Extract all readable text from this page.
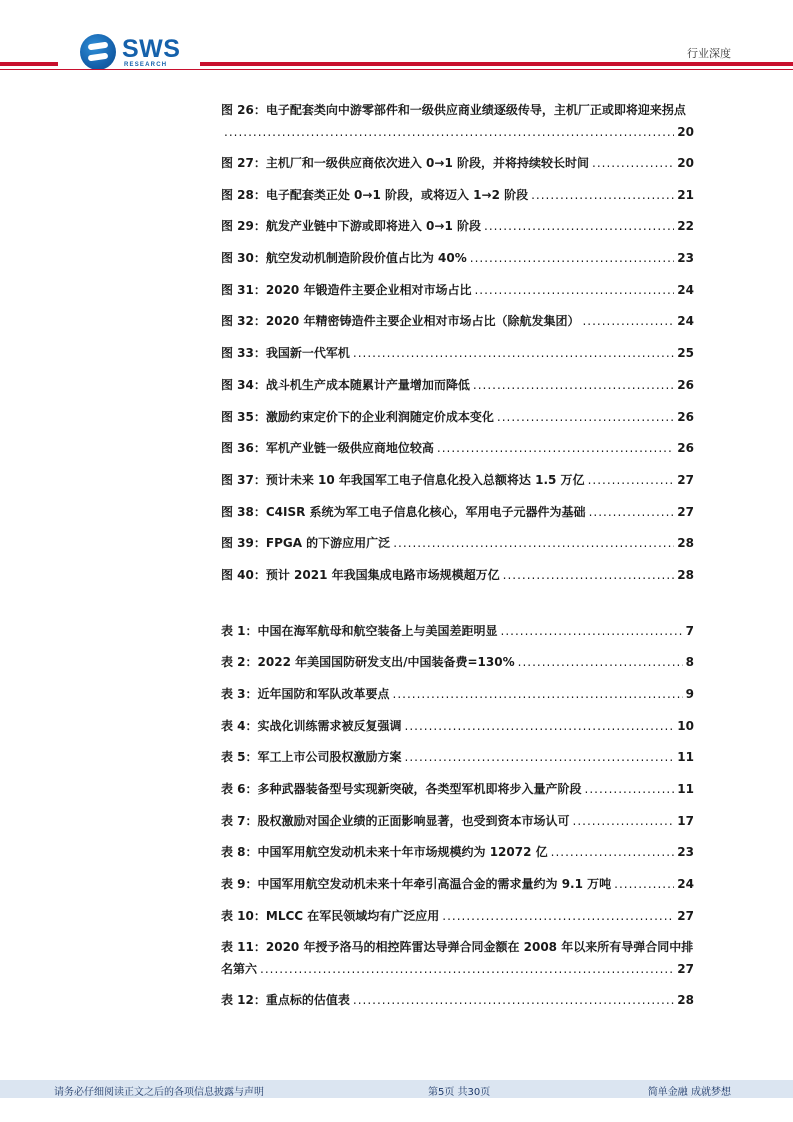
SWS
RESEARCH
行业深度
图 26：电子配套类向中游零部件和一级供应商业绩逐级传导，主机厂正或即将迎来拐点
.....
20
图 27：主机厂和一级供应商依次进入 0→1 阶段，并将持续较长时间 .....	20
图 28：电子配套类正处 0→1 阶段，或将迈入 1→2 阶段 .....	21
图 29：航发产业链中下游或即将进入 0→1 阶段 .....	22
图 30：航空发动机制造阶段价值占比为 40% .....	23
图 31：2020 年锻造件主要企业相对市场占比 .....	24
图 32：2020 年精密铸造件主要企业相对市场占比（除航发集团） .....	24
图 33：我国新一代军机 .....	25
图 34：战斗机生产成本随累计产量增加而降低 .....	26
图 35：激励约束定价下的企业利润随定价成本变化 .....	26
图 36：军机产业链一级供应商地位较高 .....	26
图 37：预计未来 10 年我国军工电子信息化投入总额将达 1.5 万亿 .....	27
图 38：C4ISR 系统为军工电子信息化核心，军用电子元器件为基础 .....	27
图 39：FPGA 的下游应用广泛 .....	28
图 40：预计 2021 年我国集成电路市场规模超万亿 .....	28
表 1：中国在海军航母和航空装备上与美国差距明显 .....	7
表 2：2022 年美国国防研发支出/中国装备费=130% .....	8
表 3：近年国防和军队改革要点 .....	9
表 4：实战化训练需求被反复强调 .....	10
表 5：军工上市公司股权激励方案 .....	11
表 6：多种武器装备型号实现新突破，各类型军机即将步入量产阶段 .....	11
表 7：股权激励对国企业绩的正面影响显著，也受到资本市场认可 .....	17
表 8：中国军用航空发动机未来十年市场规模约为 12072 亿 .....	23
表 9：中国军用航空发动机未来十年牵引高温合金的需求量约为 9.1 万吨 .....	24
表 10：MLCC 在军民领域均有广泛应用 .....	27
表 11：2020 年授予洛马的相控阵雷达导弹合同金额在 2008 年以来所有导弹合同中排
名第六 .....	27
表 12：重点标的估值表 .....	28
请务必仔细阅读正文之后的各项信息披露与声明	第5页 共30页	简单金融 成就梦想
